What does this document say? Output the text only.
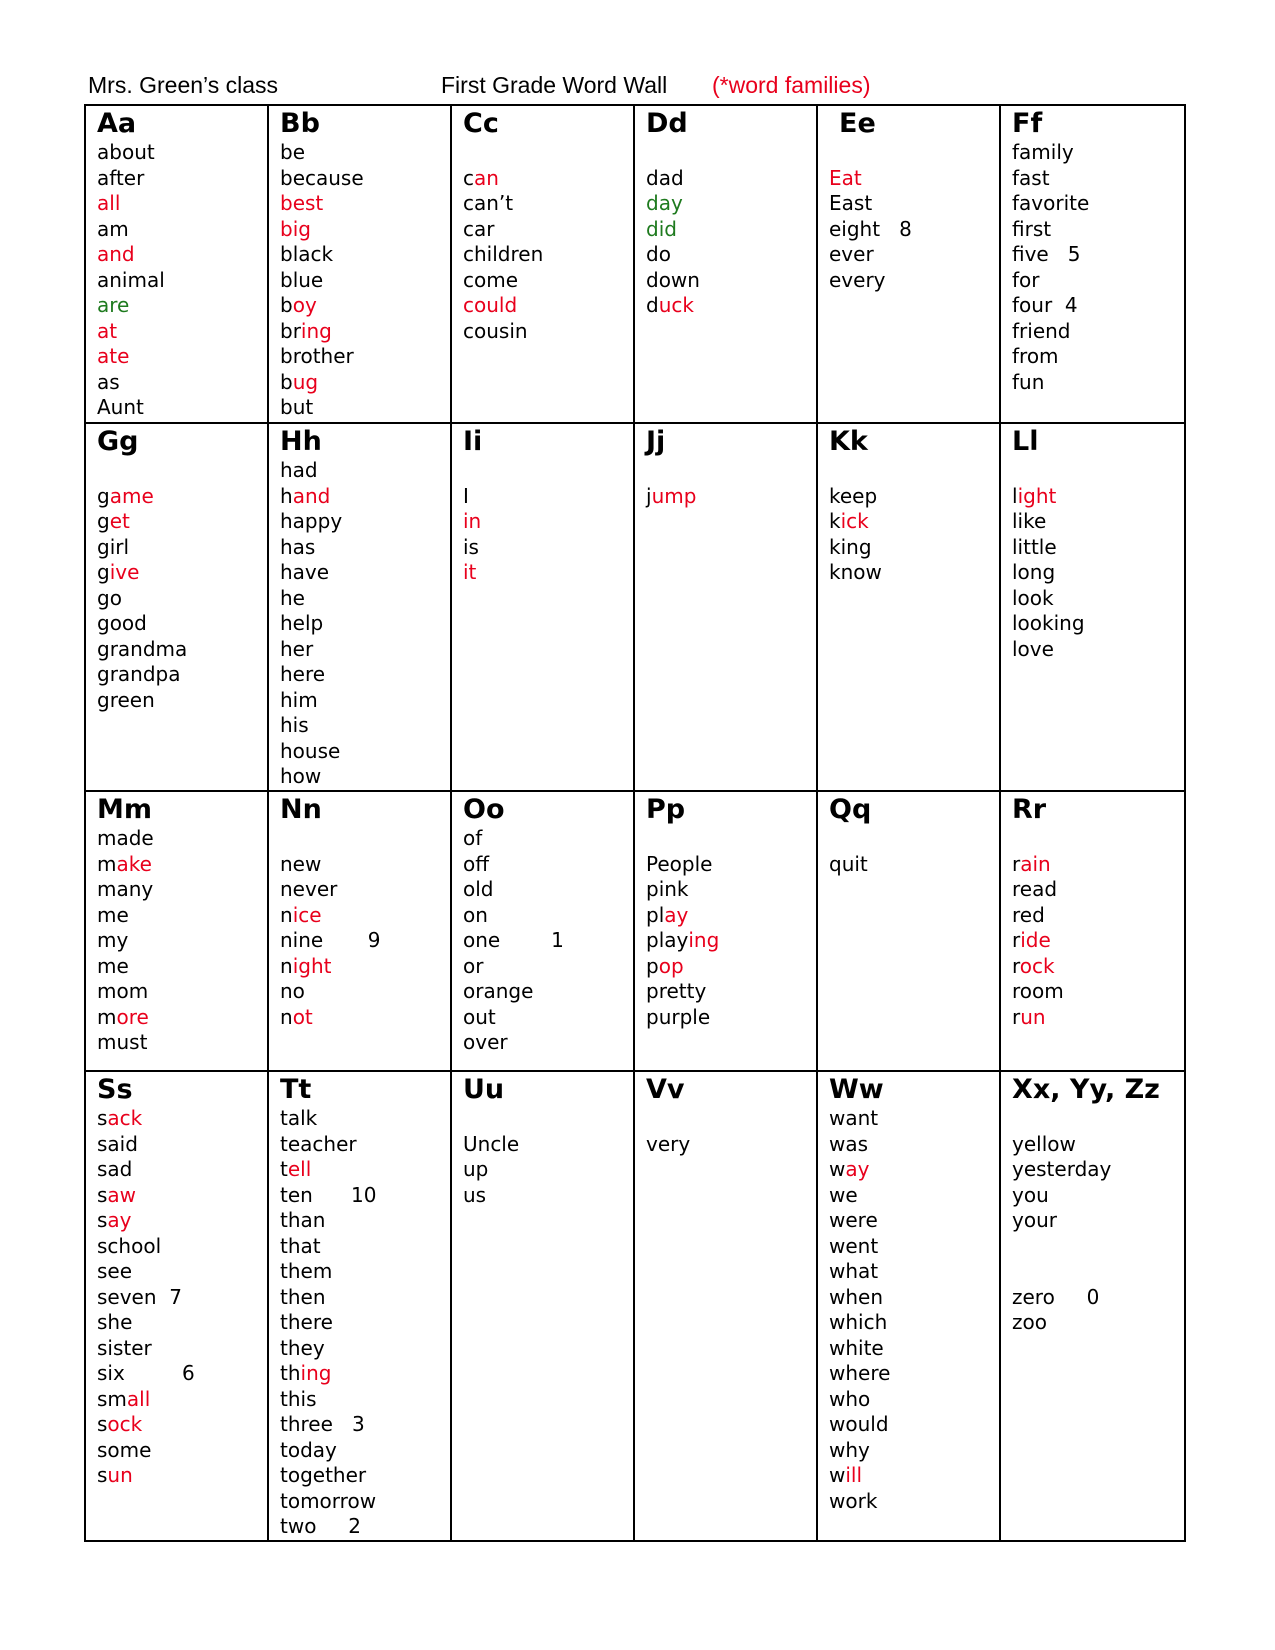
Mrs. Green’s class	First Grade Word Wall (*word families)
Aa
about
after
all
am
and
animal
are
at
ate
as
Aunt
Bb
be
because
best
big
black
blue
boy
bring
brother
bug
but
Cc
can
can’t
car
children
come
could
cousin
Dd
dad
day
did
do
down
duck
Ee
Eat
East
eight   8
ever
every
Ff
family
fast
favorite
first
five   5
for
four  4
friend
from
fun
Gg
game
get
girl
give
go
good
grandma
grandpa
green
Hh
had
hand
happy
has
have
he
help
her
here
him
his
house
how
Ii
I
in
is
it
Jj
jump
Kk
keep
kick
king
know
Ll
light
like
little
long
look
looking
love
Mm
made
make
many
me
my
me
mom
more
must
Nn
new
never
nice
nine       9
night
no
not
Oo
of
off
old
on
one        1
or
orange
out
over
Pp
People
pink
play
playing
pop
pretty
purple
Qq
quit
Rr
rain
read
red
ride
rock
room
run
Ss
sack
said
sad
saw
say
school
see
seven  7
she
sister
six         6
small
sock
some
sun
Tt
talk
teacher
tell
ten      10
than
that
them
then
there
they
thing
this
three   3
today
together
tomorrow
two     2
Uu
Uncle
up
us
Vv
very
Ww
want
was
way
we
were
went
what
when
which
white
where
who
would
why
will
work
Xx, Yy, Zz
yellow
yesterday
you
your
zero     0
zoo
